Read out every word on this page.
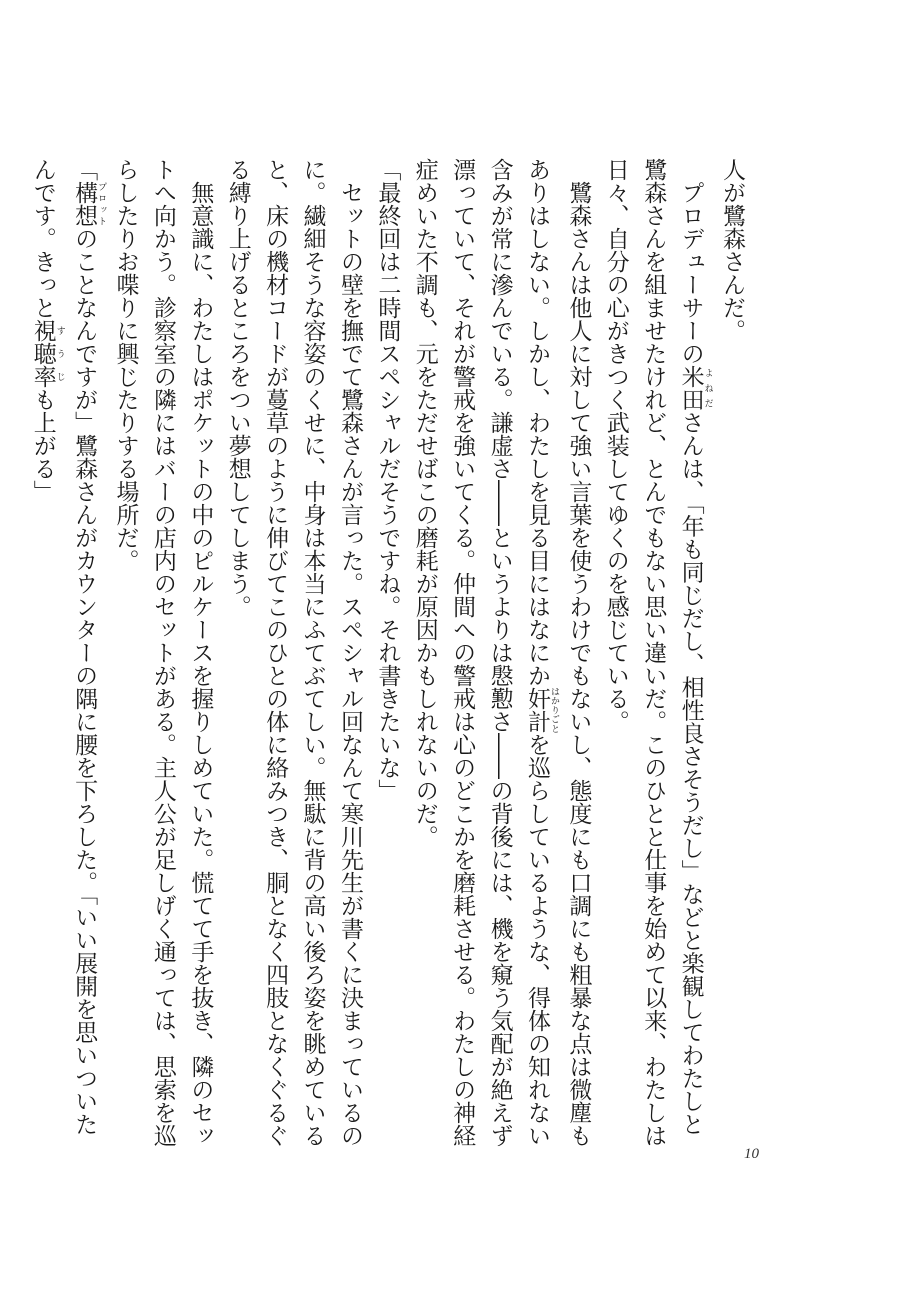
人が鷺森さんだ。

　プロデューサーの米田 よねださんは、「年も同じだし、相性良さそうだし」などと楽観してわたしと

鷺森さんを組ませたけれど、とんでもない思い違いだ。このひとと仕事を始めて以来、わたしは

日々、自分の心がきつく武装してゆくのを感じている。

　鷺森さんは他人に対して強い言葉を使うわけでもないし、態度にも口調にも粗暴な点は微塵も

ありはしない。しかし、わたしを見る目にはなにか奸計 はかりごとを巡らしているような、得体の知れない

含みが常に滲んでいる。謙虚さ――というよりは慇懃さ――の背後には、機を窺う気配が絶えず

漂っていて、それが警戒を強いてくる。仲間への警戒は心のどこかを磨耗させる。わたしの神経

症めいた不調も、元をただせばこの磨耗が原因かもしれないのだ。

「最終回は二時間スペシャルだそうですね。それ書きたいな」

　セットの壁を撫でて鷺森さんが言った。スペシャル回なんて寒川先生が書くに決まっているの

に。繊細そうな容姿のくせに、中身は本当にふてぶてしい。無駄に背の高い後ろ姿を眺めている

と、床の機材コードが蔓草のように伸びてこのひとの体に絡みつき、胴となく四肢となくぐるぐ

る縛り上げるところをつい夢想してしまう。

　無意識に、わたしはポケットの中のピルケースを握りしめていた。慌てて手を抜き、隣のセッ

トへ向かう。診察室の隣にはバーの店内のセットがある。主人公が足しげく通っては、思索を巡

らしたりお喋りに興じたりする場所だ。

「構想 プロットのことなんですが」鷺森さんがカウンターの隅に腰を下ろした。「いい展開を思いついた

んです。きっと視聴率 すうじも上がる」

10
